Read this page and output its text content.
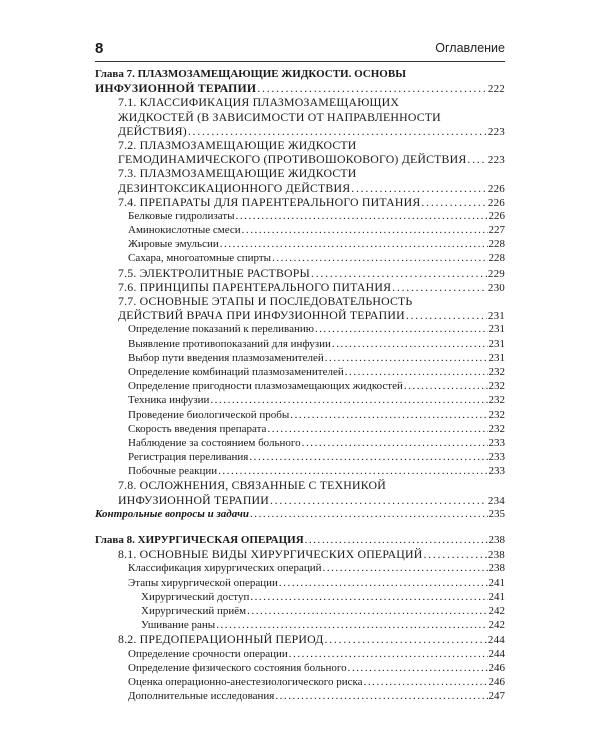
8	Оглавление
Глава 7. ПЛАЗМОЗАМЕЩАЮЩИЕ ЖИДКОСТИ. ОСНОВЫ
ИНФУЗИОННОЙ ТЕРАПИИ . . .	222
7.1. КЛАССИФИКАЦИЯ ПЛАЗМОЗАМЕЩАЮЩИХ
ЖИДКОСТЕЙ (В ЗАВИСИМОСТИ ОТ НАПРАВЛЕННОСТИ
ДЕЙСТВИЯ) . . .	223
7.2. ПЛАЗМОЗАМЕЩАЮЩИЕ ЖИДКОСТИ
ГЕМОДИНАМИЧЕСКОГО (ПРОТИВОШОКОВОГО) ДЕЙСТВИЯ . . . 223
7.3. ПЛАЗМОЗАМЕЩАЮЩИЕ ЖИДКОСТИ
ДЕЗИНТОКСИКАЦИОННОГО ДЕЙСТВИЯ . . .	226
7.4. ПРЕПАРАТЫ ДЛЯ ПАРЕНТЕРАЛЬНОГО ПИТАНИЯ . . .	226
Белковые гидролизаты . . .	226
Аминокислотные смеси . . .	227
Жировые эмульсии . . .	228
Сахара, многоатомные спирты . . .	228
7.5. ЭЛЕКТРОЛИТНЫЕ РАСТВОРЫ . . .	229
7.6. ПРИНЦИПЫ ПАРЕНТЕРАЛЬНОГО ПИТАНИЯ . . .	230
7.7. ОСНОВНЫЕ ЭТАПЫ И ПОСЛЕДОВАТЕЛЬНОСТЬ
ДЕЙСТВИЙ ВРАЧА ПРИ ИНФУЗИОННОЙ ТЕРАПИИ . . .	231
Определение показаний к переливанию . . .	231
Выявление противопоказаний для инфузии . . .	231
Выбор пути введения плазмозаменителей . . .	231
Определение комбинаций плазмозаменителей . . .	232
Определение пригодности плазмозамещающих жидкостей . . .	232
Техника инфузии . . .	232
Проведение биологической пробы . . .	232
Скорость введения препарата . . .	232
Наблюдение за состоянием больного . . .	233
Регистрация переливания . . .	233
Побочные реакции . . .	233
7.8. ОСЛОЖНЕНИЯ, СВЯЗАННЫЕ С ТЕХНИКОЙ
ИНФУЗИОННОЙ ТЕРАПИИ . . .	234
Контрольные вопросы и задачи . . .	235
Глава 8. ХИРУРГИЧЕСКАЯ ОПЕРАЦИЯ . . .	238
8.1. ОСНОВНЫЕ ВИДЫ ХИРУРГИЧЕСКИХ ОПЕРАЦИЙ . . .	238
Классификация хирургических операций . . .	238
Этапы хирургической операции . . .	241
Хирургический доступ . . .	241
Хирургический приём . . .	242
Ушивание раны . . .	242
8.2. ПРЕДОПЕРАЦИОННЫЙ ПЕРИОД . . .	244
Определение срочности операции . . .	244
Определение физического состояния больного . . .	246
Оценка операционно-анестезиологического риска . . .	246
Дополнительные исследования . . .	247
